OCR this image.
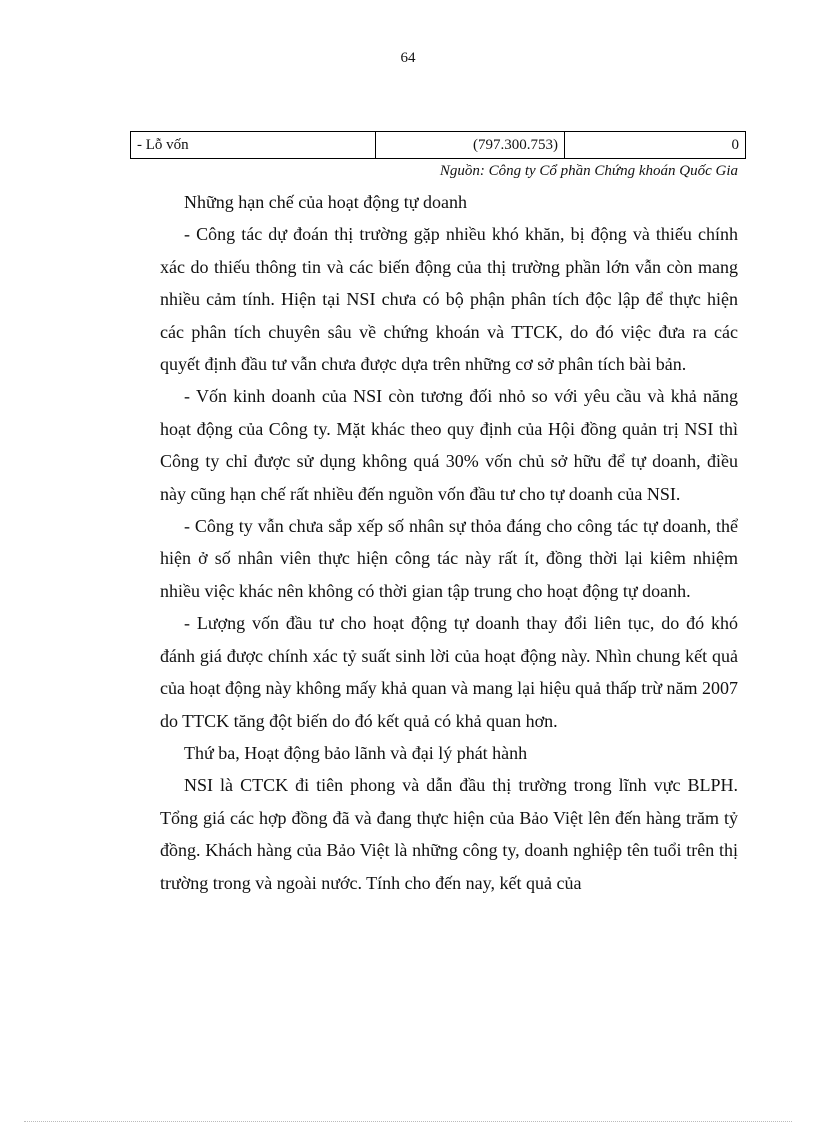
64
- Lỗ vốn	(797.300.753)	0
Nguồn: Công ty Cổ phần Chứng khoán Quốc Gia

Những hạn chế của hoạt động tự doanh

- Công tác dự đoán thị trường gặp nhiều khó khăn, bị động và thiếu chính xác do thiếu thông tin và các biến động của thị trường phần lớn vẫn còn mang nhiều cảm tính. Hiện tại NSI chưa có bộ phận phân tích độc lập để thực hiện các phân tích chuyên sâu về chứng khoán và TTCK, do đó việc đưa ra các quyết định đầu tư vẫn chưa được dựa trên những cơ sở phân tích bài bản.

- Vốn kinh doanh của NSI còn tương đối nhỏ so với yêu cầu và khả năng hoạt động của Công ty. Mặt khác theo quy định của Hội đồng quản trị NSI thì Công ty chỉ được sử dụng không quá 30% vốn chủ sở hữu để tự doanh, điều này cũng hạn chế rất nhiều đến nguồn vốn đầu tư cho tự doanh của NSI.

- Công ty vẫn chưa sắp xếp số nhân sự thỏa đáng cho công tác tự doanh, thể hiện ở số nhân viên thực hiện công tác này rất ít, đồng thời lại kiêm nhiệm nhiều việc khác nên không có thời gian tập trung cho hoạt động tự doanh.

- Lượng vốn đầu tư cho hoạt động tự doanh thay đổi liên tục, do đó khó đánh giá được chính xác tỷ suất sinh lời của hoạt động này. Nhìn chung kết quả của hoạt động này không mấy khả quan và mang lại hiệu quả thấp trừ năm 2007 do TTCK tăng đột biến do đó kết quả có khả quan hơn.

Thứ ba, Hoạt động bảo lãnh và đại lý phát hành

NSI là CTCK đi tiên phong và dẫn đầu thị trường trong lĩnh vực BLPH. Tổng giá các hợp đồng đã và đang thực hiện của Bảo Việt lên đến hàng trăm tỷ đồng. Khách hàng của Bảo Việt là những công ty, doanh nghiệp tên tuổi trên thị trường trong và ngoài nước. Tính cho đến nay, kết quả của
